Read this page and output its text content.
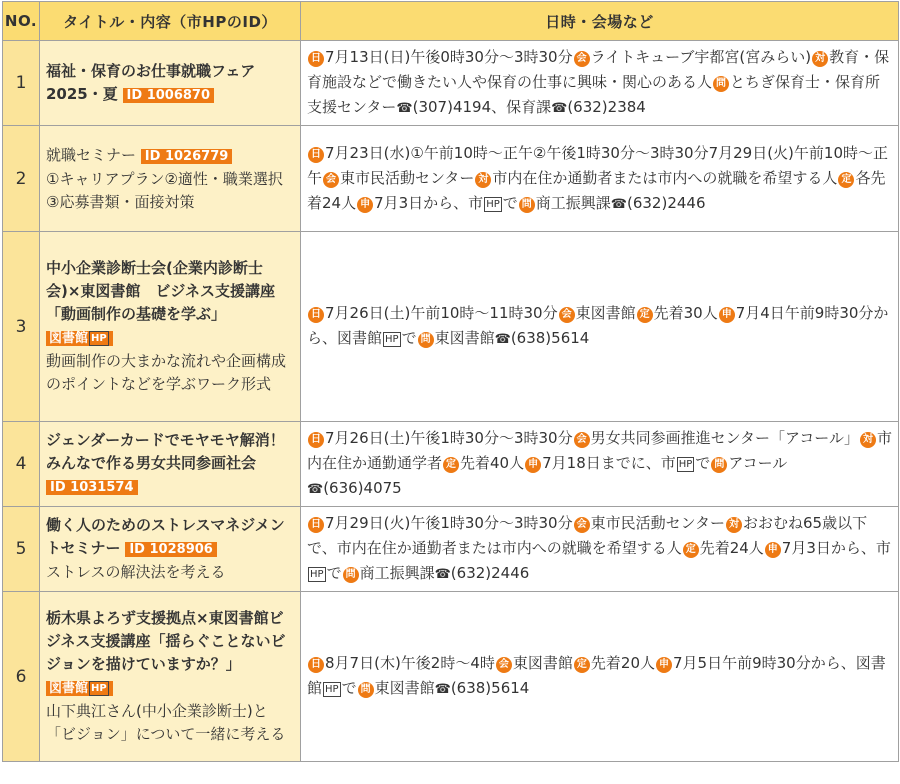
NO.	タイトル・内容（市HPのID）	日時・会場など

1	福祉・保育のお仕事就職フェア2025・夏 ID 1006870	日 7月13日(日)午後0時30分～3時30分 会 ライトキューブ宇都宮(宮みらい) 対 教育・保育施設などで働きたい人や保育の仕事に興味・関心のある人 問 とちぎ保育士・保育所支援センター☎(307)4194、保育課☎(632)2384
2	就職セミナー ID 1026779
①キャリアプラン②適性・職業選択③応募書類・面接対策	日 7月23日(水)①午前10時～正午②午後1時30分～3時30分7月29日(火)午前10時～正午 会 東市民活動センター 対 市内在住か通勤者または市内への就職を希望する人 定 各先着24人 申 7月3日から、市 HP で 問 商工振興課☎(632)2446
3	中小企業診断士会(企業内診断士会)×東図書館　ビジネス支援講座「動画制作の基礎を学ぶ」
図書館 HP
動画制作の大まかな流れや企画構成のポイントなどを学ぶワーク形式	日 7月26日(土)午前10時～11時30分 会 東図書館 定 先着30人 申 7月4日午前9時30分から、図書館 HP で 問 東図書館☎(638)5614
4	ジェンダーカードでモヤモヤ解消！みんなで作る男女共同参画社会
ID 1031574	日 7月26日(土)午後1時30分～3時30分 会 男女共同参画推進センター「アコール」 対 市内在住か通勤通学者 定 先着40人 申 7月18日までに、市 HP で 問 アコール
☎(636)4075
5	働く人のためのストレスマネジメントセミナー ID 1028906
ストレスの解決法を考える	日 7月29日(火)午後1時30分～3時30分 会 東市民活動センター 対 おおむね65歳以下で、市内在住か通勤者または市内への就職を希望する人 定 先着24人 申 7月3日から、市HP で 問 商工振興課☎(632)2446
6	栃木県よろず支援拠点×東図書館ビジネス支援講座「揺らぐことないビジョンを描けていますか？」
図書館 HP
山下典江さん(中小企業診断士)と「ビジョン」について一緒に考える	日 8月7日(木)午後2時～4時 会 東図書館 定 先着20人 申 7月5日午前9時30分から、図書館 HP で 問 東図書館☎(638)5614
